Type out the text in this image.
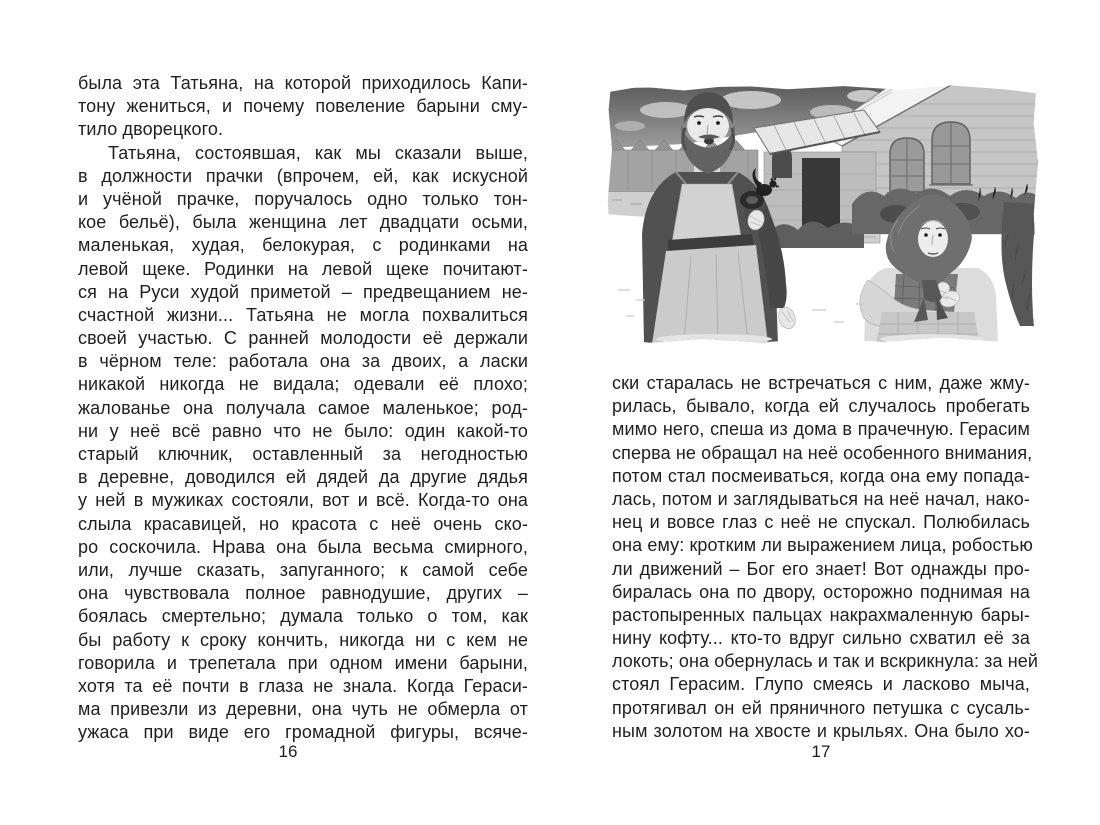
была эта Татьяна, на которой приходилось Капи-
тону жениться, и почему повеление барыни сму-
тило дворецкого.
Татьяна, состоявшая, как мы сказали выше,
в должности прачки (впрочем, ей, как искусной
и учёной прачке, поручалось одно только тон-
кое бельё), была женщина лет двадцати осьми,
маленькая, худая, белокурая, с родинками на
левой щеке. Родинки на левой щеке почитают-
ся на Руси худой приметой – предвещанием не-
счастной жизни... Татьяна не могла похвалиться
своей участью. С ранней молодости её держали
в чёрном теле: работала она за двоих, а ласки
никакой никогда не видала; одевали её плохо;
жалованье она получала самое маленькое; род-
ни у неё всё равно что не было: один какой-то
старый ключник, оставленный за негодностью
в деревне, доводился ей дядей да другие дядья
у ней в мужиках состояли, вот и всё. Когда-то она
слыла красавицей, но красота с неё очень ско-
ро соскочила. Нрава она была весьма смирного,
или, лучше сказать, запуганного; к самой себе
она чувствовала полное равнодушие, других –
боялась смертельно; думала только о том, как
бы работу к сроку кончить, никогда ни с кем не
говорила и трепетала при одном имени барыни,
хотя та её почти в глаза не знала. Когда Гераси-
ма привезли из деревни, она чуть не обмерла от
ужаса при виде его громадной фигуры, всяче-
ски старалась не встречаться с ним, даже жму-
рилась, бывало, когда ей случалось пробегать
мимо него, спеша из дома в прачечную. Герасим
сперва не обращал на неё особенного внимания,
потом стал посмеиваться, когда она ему попада-
лась, потом и заглядываться на неё начал, нако-
нец и вовсе глаз с неё не спускал. Полюбилась
она ему: кротким ли выражением лица, робостью
ли движений – Бог его знает! Вот однажды про-
биралась она по двору, осторожно поднимая на
растопыренных пальцах накрахмаленную бары-
нину кофту... кто-то вдруг сильно схватил её за
локоть; она обернулась и так и вскрикнула: за ней
стоял Герасим. Глупо смеясь и ласково мыча,
протягивал он ей пряничного петушка с сусаль-
ным золотом на хвосте и крыльях. Она было хо-
16	17
